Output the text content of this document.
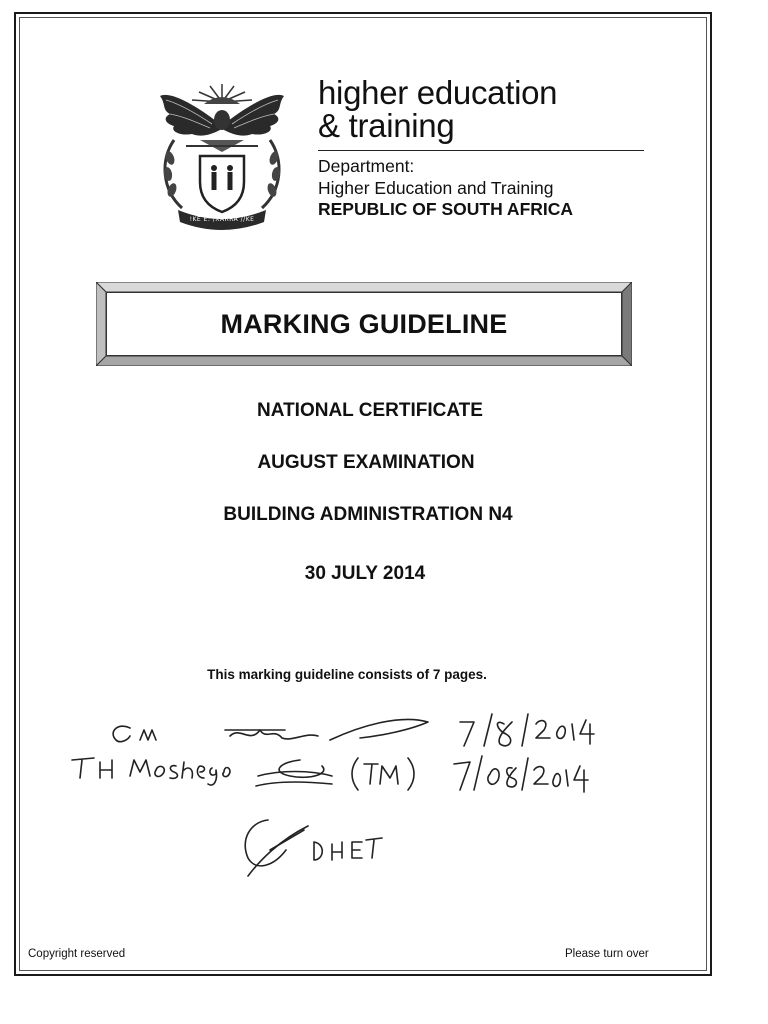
!KE E: /XARRA //KE
higher education
& training
Department:
Higher Education and Training
REPUBLIC OF SOUTH AFRICA
MARKING GUIDELINE
NATIONAL CERTIFICATE
AUGUST EXAMINATION
BUILDING ADMINISTRATION N4
30 JULY 2014
This marking guideline consists of 7 pages.
Copyright reserved	Please turn over
